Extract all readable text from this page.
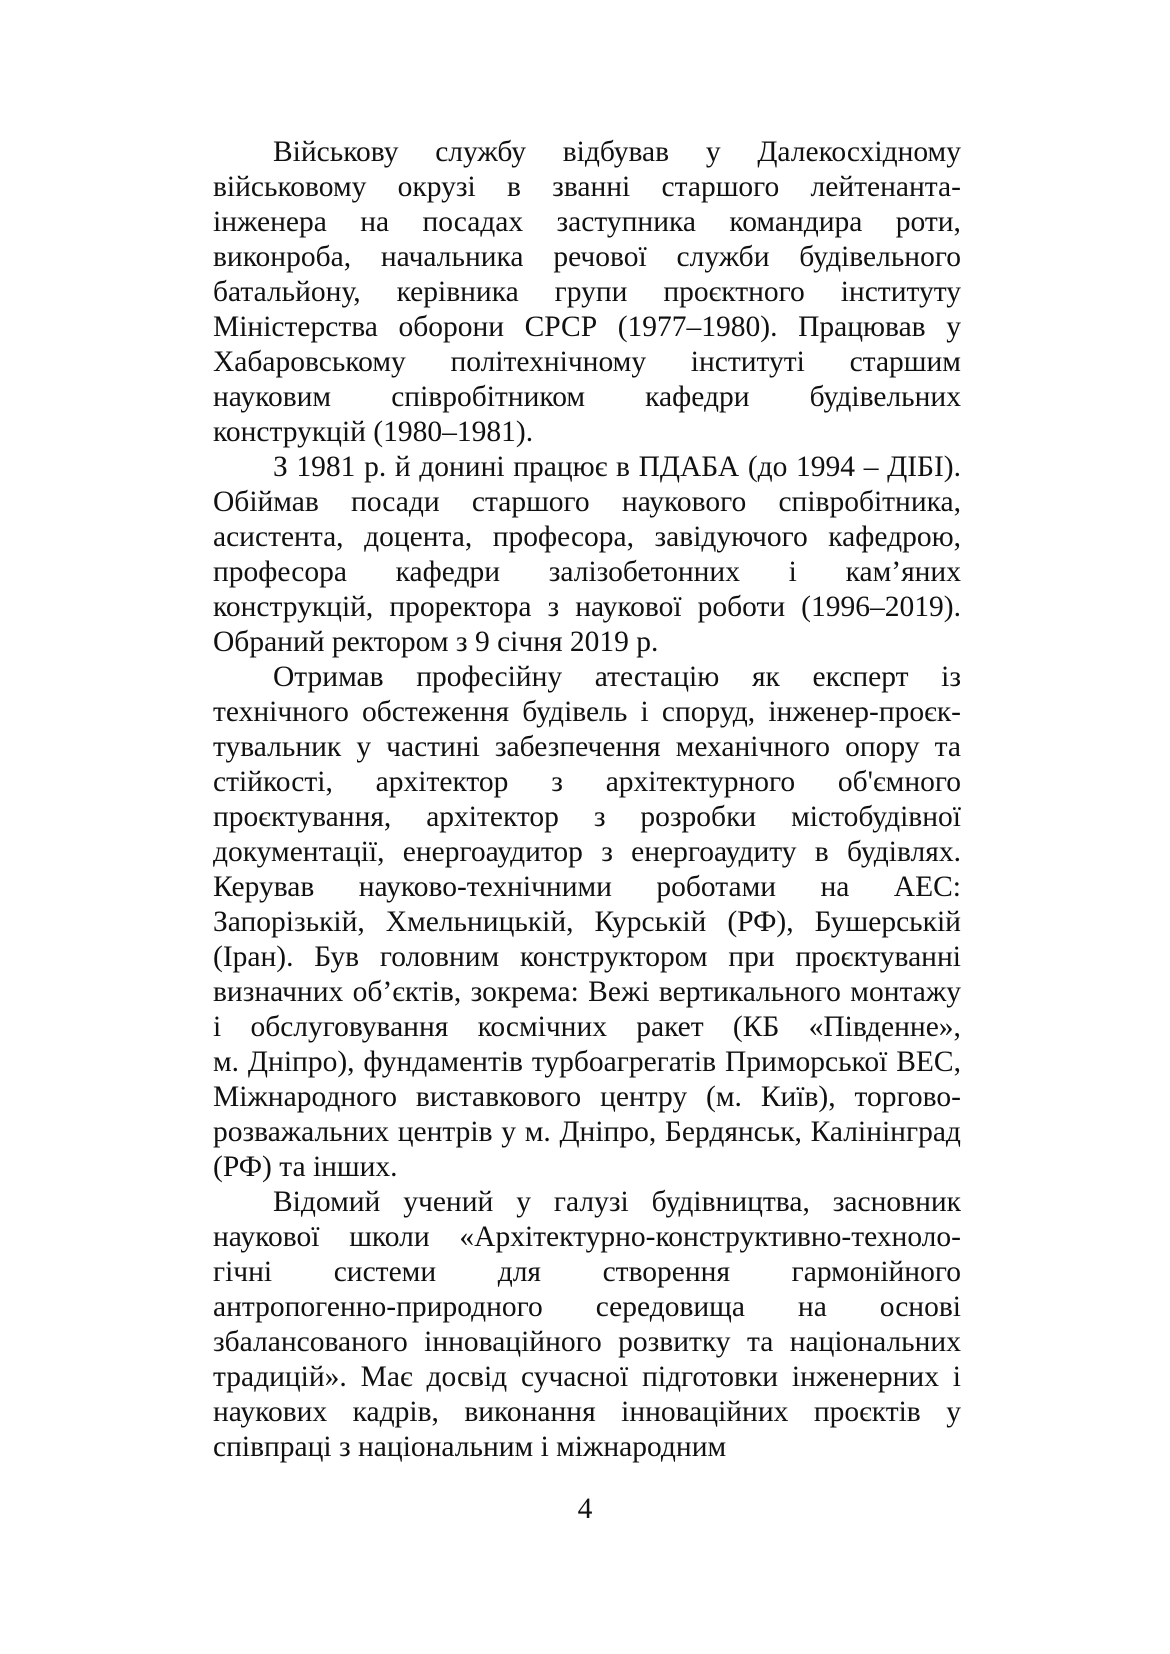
Військову службу відбував у Далекосхідному
військовому окрузі в званні старшого лейтенанта-
інженера на посадах заступника командира роти,
виконроба, начальника речової служби будівельного
батальйону, керівника групи проєктного інституту
Міністерства оборони СРСР (1977–1980). Працював у
Хабаровському політехнічному інституті старшим
науковим співробітником кафедри будівельних
конструкцій (1980–1981).
З 1981 р. й донині працює в ПДАБА (до 1994 – ДІБІ).
Обіймав посади старшого наукового співробітника,
асистента, доцента, професора, завідуючого кафедрою,
професора кафедри залізобетонних і кам’яних
конструкцій, проректора з наукової роботи (1996–2019).
Обраний ректором з 9 січня 2019 р.
Отримав професійну атестацію як експерт із
технічного обстеження будівель і споруд, інженер-проєк-
тувальник у частині забезпечення механічного опору та
стійкості, архітектор з архітектурного об'ємного
проєктування, архітектор з розробки містобудівної
документації, енергоаудитор з енергоаудиту в будівлях.
Керував науково-технічними роботами на АЕС:
Запорізькій, Хмельницькій, Курській (РФ), Бушерській
(Іран). Був головним конструктором при проєктуванні
визначних об’єктів, зокрема: Вежі вертикального монтажу
і обслуговування космічних ракет (КБ «Південне»,
м. Дніпро), фундаментів турбоагрегатів Приморської ВЕС,
Міжнародного виставкового центру (м. Київ), торгово-
розважальних центрів у м. Дніпро, Бердянськ, Калінінград
(РФ) та інших.
Відомий учений у галузі будівництва, засновник
наукової школи «Архітектурно-конструктивно-техноло-
гічні системи для створення гармонійного
антропогенно-природного середовища на основі
збалансованого інноваційного розвитку та національних
традицій». Має досвід сучасної підготовки інженерних і
наукових кадрів, виконання інноваційних проєктів у
співпраці з національним і міжнародним
4
